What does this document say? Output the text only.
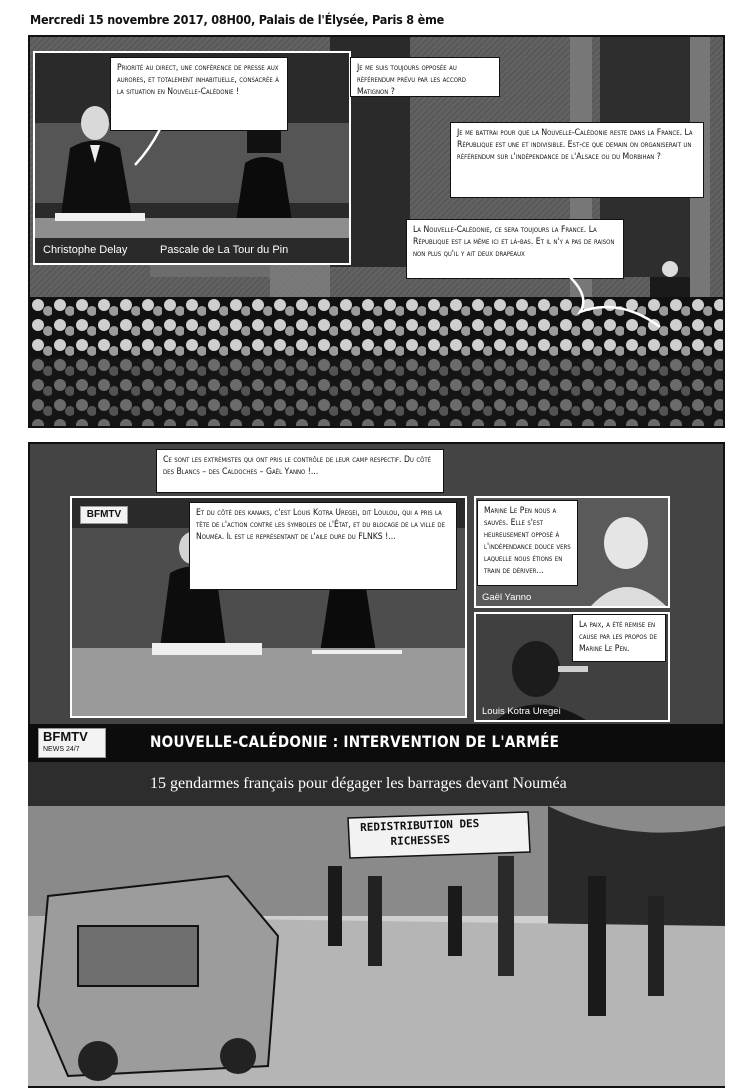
Mercredi 15 novembre 2017, 08H00, Palais de l'Élysée, Paris 8 ème
Christophe Delay	Pascale de La Tour du Pin
Priorité au direct, une conférence de presse aux aurores, et totalement inhabituelle, consacrée à la situation en Nouvelle-Calédonie !
Je me suis toujours opposée au référendum prévu par les accord Matignon ?
Je me battrai pour que la Nouvelle-Calédonie reste dans la France. La République est une et indivisible. Est-ce que demain on organiserait un référendum sur l'indépendance de l'Alsace ou du Morbihan ?
La Nouvelle-Calédonie, ce sera toujours la France. La République est la même ici et là-bas. Et il n'y a pas de raison non plus qu'il y ait deux drapeaux
Ce sont les extrémistes qui ont pris le contrôle de leur camp respectif. Du côté des Blancs – des Caldoches – Gaël Yanno !...
BFMTV	Et du côté des kanaks, c'est Louis Kotra Uregei, dit Loulou, qui a pris la tête de l'action contre les symboles de l'État, et du blocage de la ville de Nouméa. Il est le représentant de l'aile dure du FLNKS !...
Gaël Yanno
Marine Le Pen nous a sauvés. Elle s'est heureusement opposé à l'indépendance douce vers laquelle nous étions en train de dériver...
Louis Kotra Uregei
La paix, a été remise en cause par les propos de Marine Le Pen.
BFMTV
NEWS 24/7	NOUVELLE-CALÉDONIE : INTERVENTION DE L'ARMÉE
15 gendarmes français pour dégager les barrages devant Nouméa
REDISTRIBUTION DES RICHESSES
